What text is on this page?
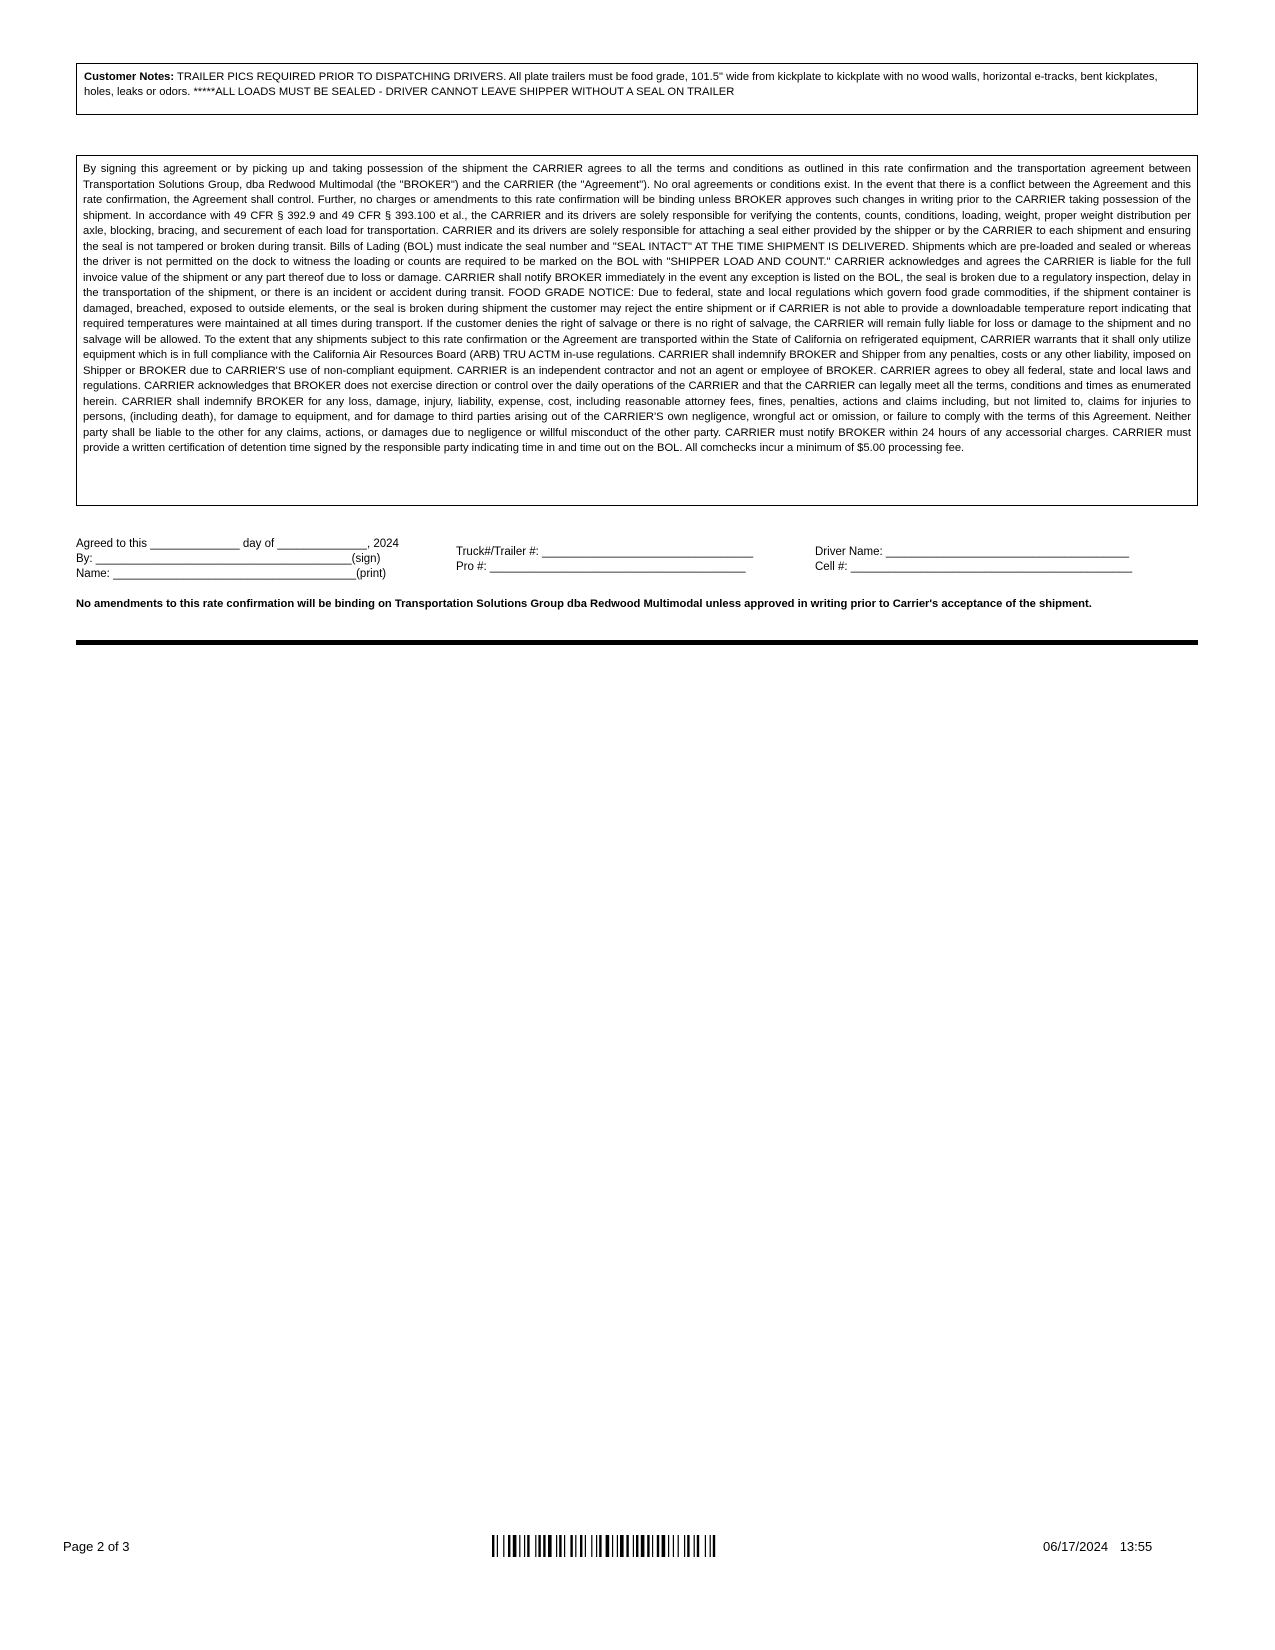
Customer Notes: TRAILER PICS REQUIRED PRIOR TO DISPATCHING DRIVERS. All plate trailers must be food grade, 101.5" wide from kickplate to kickplate with no wood walls, horizontal e-tracks, bent kickplates, holes, leaks or odors. *****ALL LOADS MUST BE SEALED - DRIVER CANNOT LEAVE SHIPPER WITHOUT A SEAL ON TRAILER
By signing this agreement or by picking up and taking possession of the shipment the CARRIER agrees to all the terms and conditions as outlined in this rate confirmation and the transportation agreement between Transportation Solutions Group, dba Redwood Multimodal (the "BROKER") and the CARRIER (the "Agreement"). No oral agreements or conditions exist. In the event that there is a conflict between the Agreement and this rate confirmation, the Agreement shall control. Further, no charges or amendments to this rate confirmation will be binding unless BROKER approves such changes in writing prior to the CARRIER taking possession of the shipment. In accordance with 49 CFR § 392.9 and 49 CFR § 393.100 et al., the CARRIER and its drivers are solely responsible for verifying the contents, counts, conditions, loading, weight, proper weight distribution per axle, blocking, bracing, and securement of each load for transportation. CARRIER and its drivers are solely responsible for attaching a seal either provided by the shipper or by the CARRIER to each shipment and ensuring the seal is not tampered or broken during transit. Bills of Lading (BOL) must indicate the seal number and "SEAL INTACT" AT THE TIME SHIPMENT IS DELIVERED. Shipments which are pre-loaded and sealed or whereas the driver is not permitted on the dock to witness the loading or counts are required to be marked on the BOL with "SHIPPER LOAD AND COUNT." CARRIER acknowledges and agrees the CARRIER is liable for the full invoice value of the shipment or any part thereof due to loss or damage. CARRIER shall notify BROKER immediately in the event any exception is listed on the BOL, the seal is broken due to a regulatory inspection, delay in the transportation of the shipment, or there is an incident or accident during transit. FOOD GRADE NOTICE: Due to federal, state and local regulations which govern food grade commodities, if the shipment container is damaged, breached, exposed to outside elements, or the seal is broken during shipment the customer may reject the entire shipment or if CARRIER is not able to provide a downloadable temperature report indicating that required temperatures were maintained at all times during transport. If the customer denies the right of salvage or there is no right of salvage, the CARRIER will remain fully liable for loss or damage to the shipment and no salvage will be allowed. To the extent that any shipments subject to this rate confirmation or the Agreement are transported within the State of California on refrigerated equipment, CARRIER warrants that it shall only utilize equipment which is in full compliance with the California Air Resources Board (ARB) TRU ACTM in-use regulations. CARRIER shall indemnify BROKER and Shipper from any penalties, costs or any other liability, imposed on Shipper or BROKER due to CARRIER'S use of non-compliant equipment. CARRIER is an independent contractor and not an agent or employee of BROKER. CARRIER agrees to obey all federal, state and local laws and regulations. CARRIER acknowledges that BROKER does not exercise direction or control over the daily operations of the CARRIER and that the CARRIER can legally meet all the terms, conditions and times as enumerated herein. CARRIER shall indemnify BROKER for any loss, damage, injury, liability, expense, cost, including reasonable attorney fees, fines, penalties, actions and claims including, but not limited to, claims for injuries to persons, (including death), for damage to equipment, and for damage to third parties arising out of the CARRIER'S own negligence, wrongful act or omission, or failure to comply with the terms of this Agreement. Neither party shall be liable to the other for any claims, actions, or damages due to negligence or willful misconduct of the other party. CARRIER must notify BROKER within 24 hours of any accessorial charges. CARRIER must provide a written certification of detention time signed by the responsible party indicating time in and time out on the BOL. All comchecks incur a minimum of $5.00 processing fee.
Agreed to this ______________ day of ______________, 2024
By: ________________________________________(sign)
Name: ______________________________________(print)
Truck#/Trailer #: _________________________________
Pro #: ________________________________________
Driver Name: ______________________________________
Cell #: ____________________________________________
No amendments to this rate confirmation will be binding on Transportation Solutions Group dba Redwood Multimodal unless approved in writing prior to Carrier's acceptance of the shipment.
Page 2 of 3	06/17/2024 13:55
